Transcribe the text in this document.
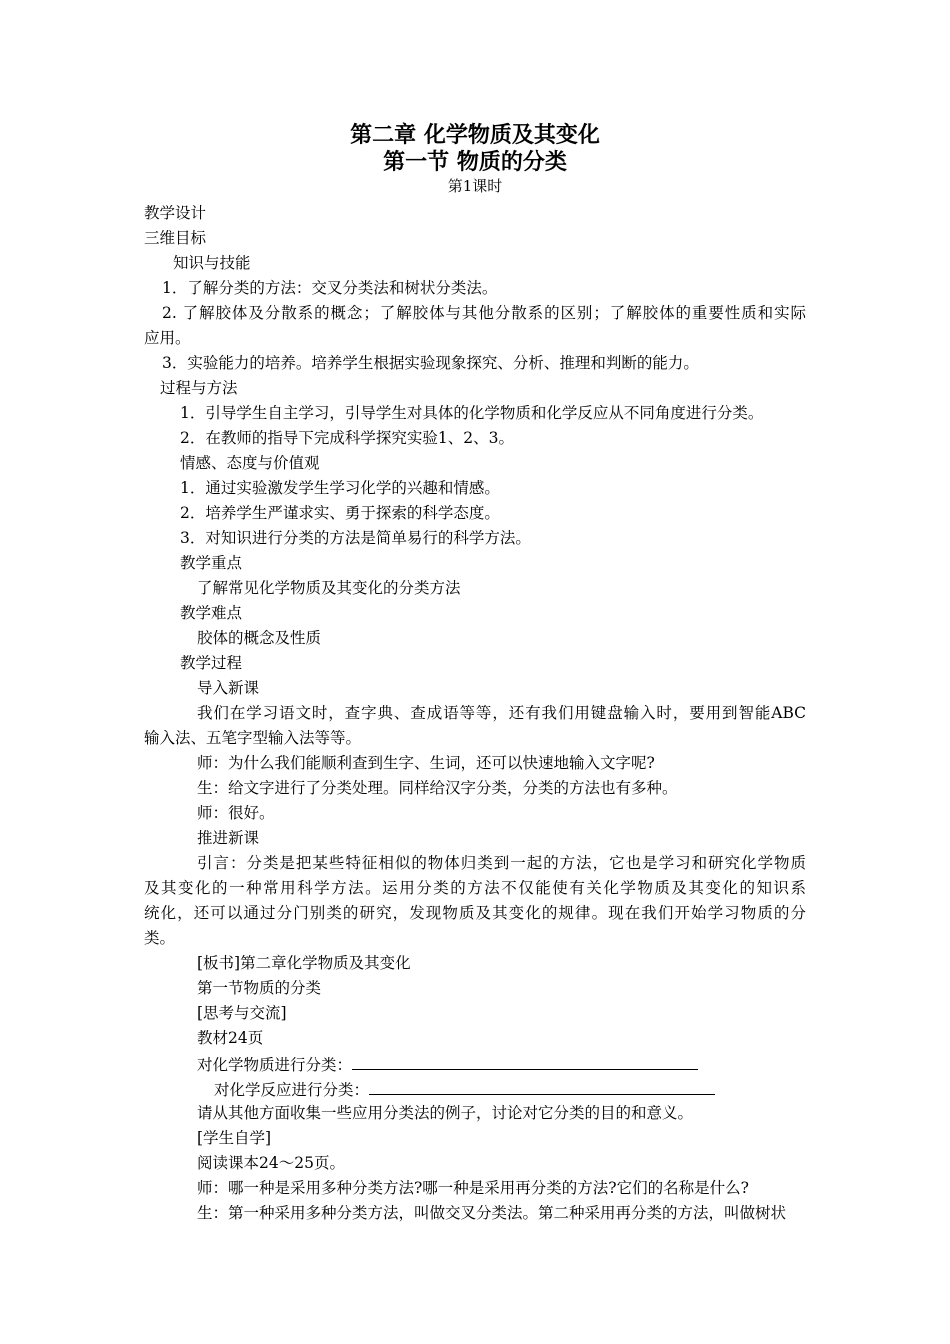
第二章 化学物质及其变化
第一节 物质的分类
第1课时
教学设计
三维目标
知识与技能
1．了解分类的方法：交叉分类法和树状分类法。
2. 了解胶体及分散系的概念；了解胶体与其他分散系的区别；了解胶体的重要性质和实际
应用。
3．实验能力的培养。培养学生根据实验现象探究、分析、推理和判断的能力。
过程与方法
1．引导学生自主学习，引导学生对具体的化学物质和化学反应从不同角度进行分类。
2．在教师的指导下完成科学探究实验1、2、3。
情感、态度与价值观
1．通过实验激发学生学习化学的兴趣和情感。
2．培养学生严谨求实、勇于探索的科学态度。
3．对知识进行分类的方法是简单易行的科学方法。
教学重点
了解常见化学物质及其变化的分类方法
教学难点
胶体的概念及性质
教学过程
导入新课
我们在学习语文时，查字典、查成语等等，还有我们用键盘输入时，要用到智能ABC
输入法、五笔字型输入法等等。
师：为什么我们能顺利查到生字、生词，还可以快速地输入文字呢?
生：给文字进行了分类处理。同样给汉字分类，分类的方法也有多种。
师：很好。
推进新课
引言：分类是把某些特征相似的物体归类到一起的方法，它也是学习和研究化学物质
及其变化的一种常用科学方法。运用分类的方法不仅能使有关化学物质及其变化的知识系
统化，还可以通过分门别类的研究，发现物质及其变化的规律。现在我们开始学习物质的分
类。
[板书]第二章化学物质及其变化
第一节物质的分类
[思考与交流]
教材24页
对化学物质进行分类：
对化学反应进行分类：
请从其他方面收集一些应用分类法的例子，讨论对它分类的目的和意义。
[学生自学]
阅读课本24～25页。
师：哪一种是采用多种分类方法?哪一种是采用再分类的方法?它们的名称是什么?
生：第一种采用多种分类方法，叫做交叉分类法。第二种采用再分类的方法，叫做树状
